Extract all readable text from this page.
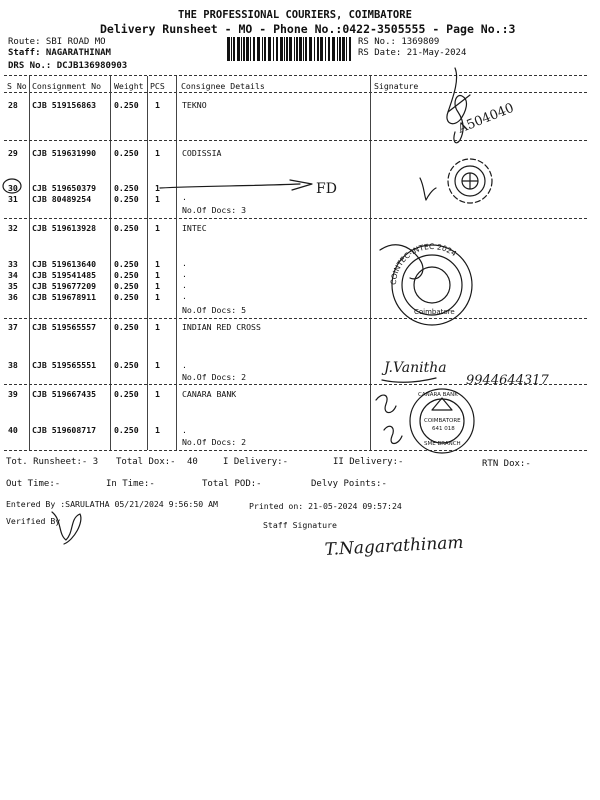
THE PROFESSIONAL COURIERS, COIMBATORE
Delivery Runsheet - MO - Phone No.:0422-3505555 - Page No.:3
Route: SBI ROAD MO
Staff: NAGARATHINAM
DRS No.: DCJB136980903
RS No.: 1369809
RS Date: 21-May-2024
S No Consignment No Weight PCS Consignee Details	Signature
28 CJB 519156863 0.250 1	TEKNO
29 CJB 519631990 0.250 1	CODISSIA
30 CJB 519650379 0.250 1
31 CJB 80489254	0.250 1	.
No.Of Docs: 3
32 CJB 519613928 0.250 1	INTEC
33 CJB 519613640 0.250 1	.
34 CJB 519541485 0.250 1	.
35 CJB 519677209 0.250 1	.
36 CJB 519678911 0.250 1	.
No.Of Docs: 5
37 CJB 519565557 0.250 1	INDIAN RED CROSS
38 CJB 519565551 0.250 1	.
No.Of Docs: 2
39 CJB 519667435 0.250 1	CANARA BANK
40 CJB 519608717 0.250 1	.
No.Of Docs: 2
Tot. Runsheet:- 3 Total Dox:- 40	I Delivery:-	II Delivery:-	RTN Dox:-
Out Time:-	In Time:-	Total POD:-	Delvy Points:-
Entered By :SARULATHA 05/21/2024 9:56:50 AM	Printed on: 21-05-2024 09:57:24
Verified By	Staff Signature
A504040
FD
COINTEC-INTEC 2024
Coimbatore
J.Vanitha
9944644317
CANARA BANK
COIMBATORE
641 018
SME BRANCH
T.Nagarathinam
